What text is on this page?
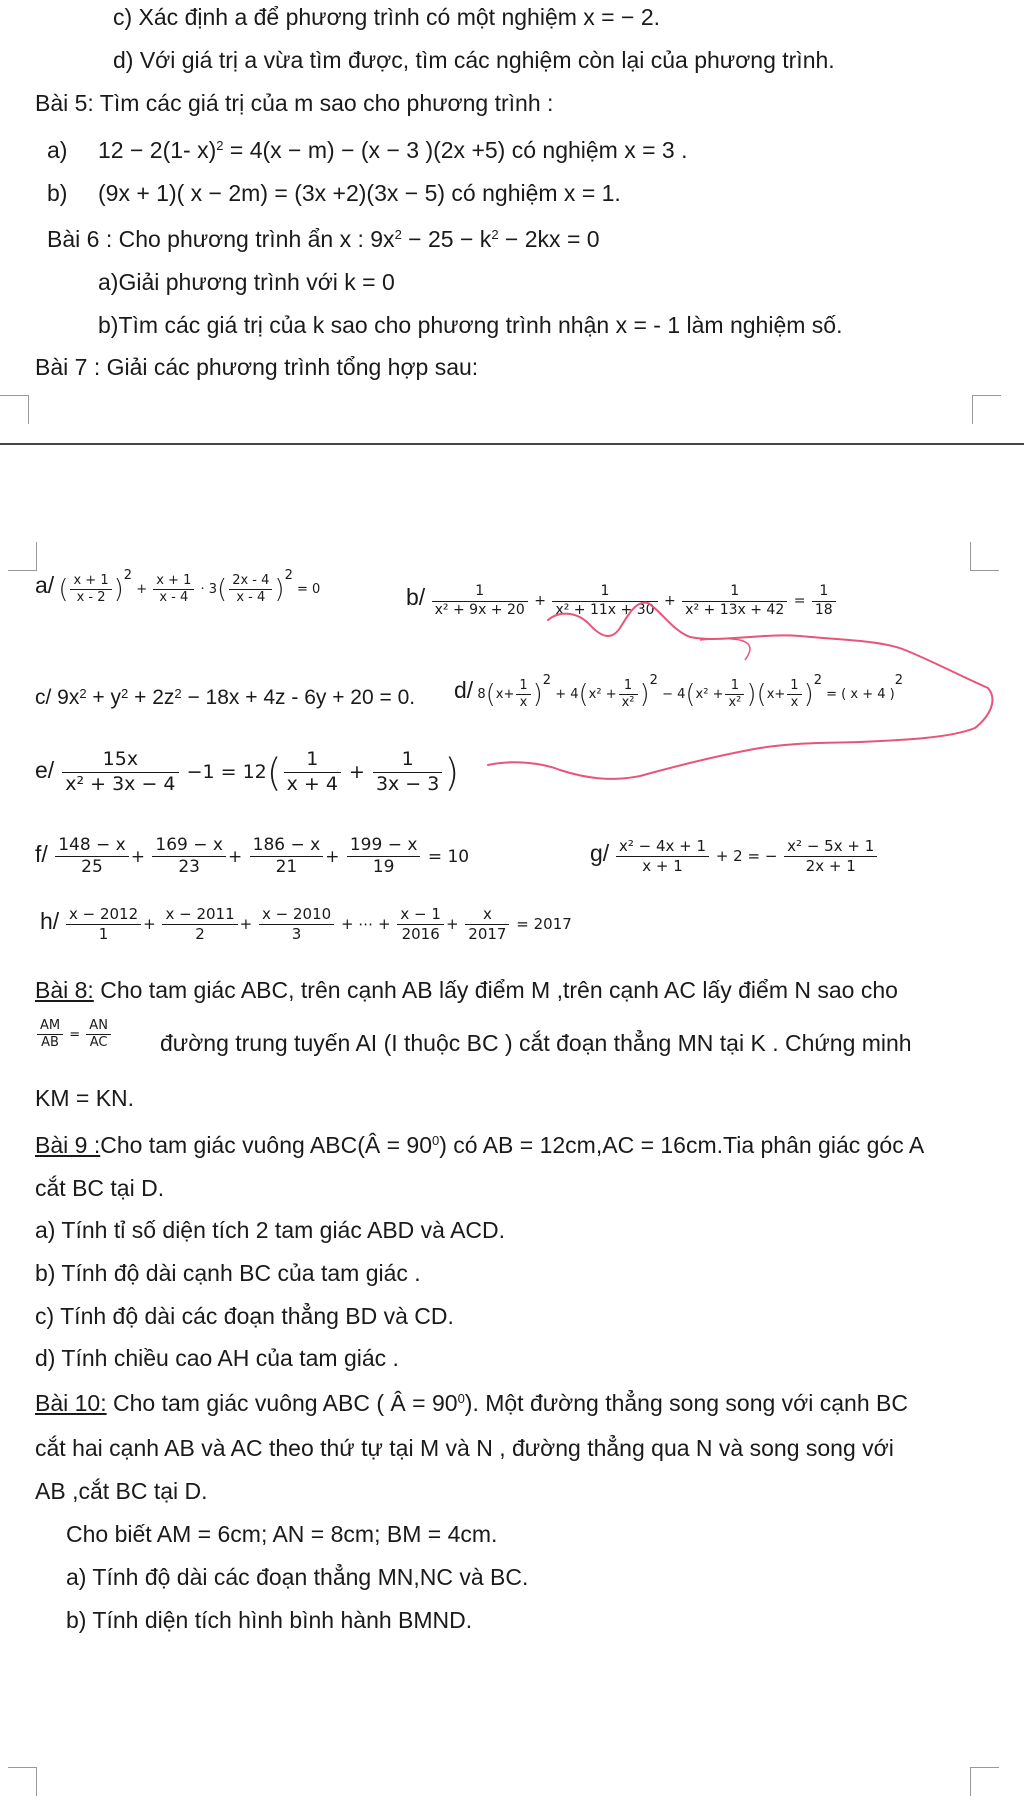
c) Xác định a để phương trình có một nghiệm x = − 2.
d) Với giá trị a vừa tìm được, tìm các nghiệm còn lại của phương trình.
Bài 5: Tìm các giá trị của m sao cho phương trình :
a) 12 − 2(1- x)$^2$ = 4(x − m) − (x − 3 )(2x +5) có nghiệm x = 3 .
b) (9x + 1)( x − 2m) = (3x +2)(3x − 5) có nghiệm x = 1.
Bài 6 : Cho phương trình ẩn x : $9x^2 - 25 - k^2 - 2kx = 0$
a)Giải phương trình với k = 0
b)Tìm các giá trị của k sao cho phương trình nhận x = - 1 làm nghiệm số.
Bài 7 : Giải các phương trình tổng hợp sau:
a/ ( $\frac{x + 1}{x - 2} )^2 + \frac{x + 1}{x - 4} \cdot 3( \frac{2x - 4}{x - 4} )^2 = 0$	$b/ \frac{1}{\text{x² + 9x + 20}} + \frac{1}{\text{x² + 11x + 30}} + \frac{1}{\text{x² + 13x + 42}} = \frac{1}{18}$
c/ $9x^2 + y^2 + 2z^2 - 18x + 4z - 6y + 20 = 0$. d/ $8(x+ \frac{1}{x} )^2 + 4(x^2 + \frac{1}{\text{x²}} )^2 - 4(x^2 + \frac{1}{\text{x²}} )(x+ \frac{1}{x} )^2$ = ( x + 4 )$^2$
$e/ \frac{15x}{\text{x² + 3x − 4}} -1 = 12( \frac{1}{x + 4} + \frac{1}{3x - 3}$ )
$f/ \frac{148 - x}{25} + \frac{169 - x}{23} + \frac{186 - x}{21} + \frac{199 - x}{19} = 10$	$g/ \frac{\text{x² − 4x + 1}}{x + 1} + 2$ = − $\frac{\text{x² − 5x + 1}}{2x + 1}$
$h/ \frac{x - 2012}{1} + \frac{x - 2011}{2} + \frac{x - 2010}{3}$ + ⋯ + $\frac{x - 1}{2016} + \frac{x}{2017} = 2017$
Bài 8: Cho tam giác ABC, trên cạnh AB lấy điểm M ,trên cạnh AC lấy điểm N sao cho
$\frac{AM}{AB} = \frac{AN}{AC}$ đường trung tuyến AI (I thuộc BC ) cắt đoạn thẳng MN tại K . Chứng minh
KM = KN.
Bài 9 :Cho tam giác vuông ABC(Â = $90^0$) có AB = 12cm,AC = 16cm.Tia phân giác góc A
cắt BC tại D.
a) Tính tỉ số diện tích 2 tam giác ABD và ACD.
b) Tính độ dài cạnh BC của tam giác .
c) Tính độ dài các đoạn thẳng BD và CD.
d) Tính chiều cao AH của tam giác .
Bài 10: Cho tam giác vuông ABC ( Â = $90^0$). Một đường thẳng song song với cạnh BC
cắt hai cạnh AB và AC theo thứ tự tại M và N , đường thẳng qua N và song song với
AB ,cắt BC tại D.
Cho biết AM = 6cm; AN = 8cm; BM = 4cm.
a) Tính độ dài các đoạn thẳng MN,NC và BC.
b) Tính diện tích hình bình hành BMND.
